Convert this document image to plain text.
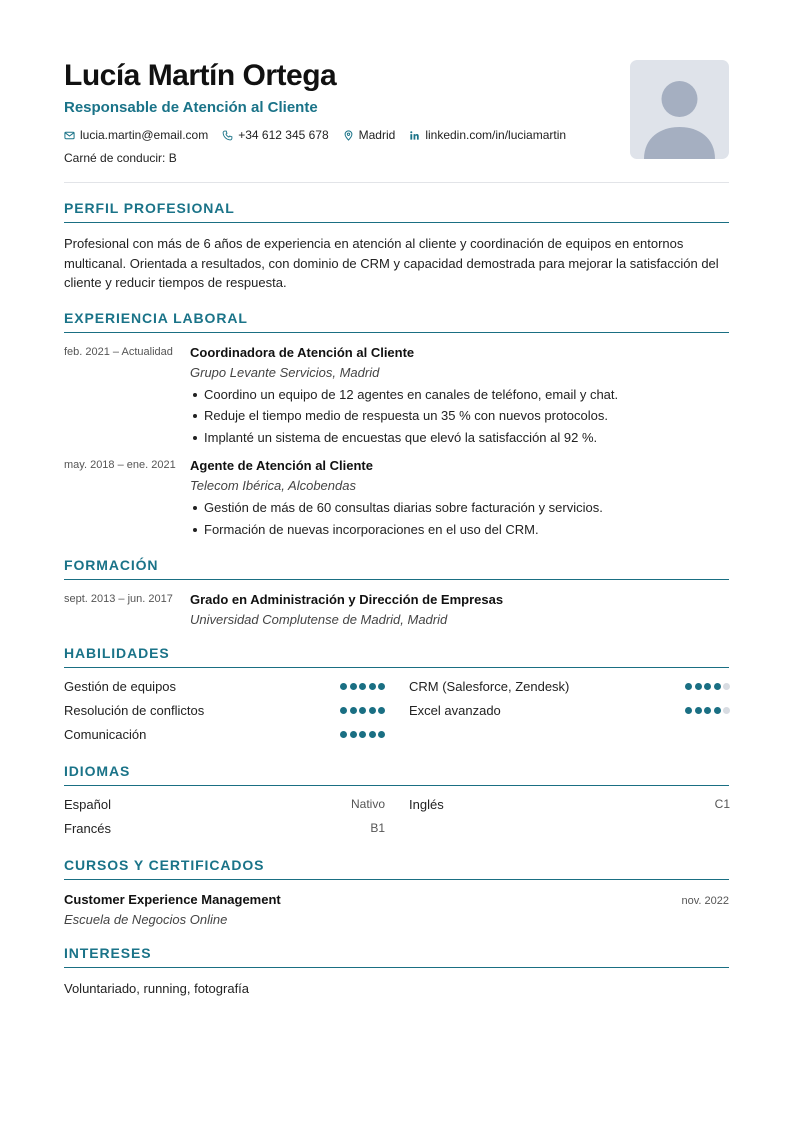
Lucía Martín Ortega
Responsable de Atención al Cliente
lucia.martin@email.com	+34 612 345 678	Madrid	linkedin.com/in/luciamartin
Carné de conducir: B
PERFIL PROFESIONAL

Profesional con más de 6 años de experiencia en atención al cliente y coordinación de equipos en entornos multicanal. Orientada a resultados, con dominio de CRM y capacidad demostrada para mejorar la satisfacción del cliente y reducir tiempos de respuesta.

EXPERIENCIA LABORAL
feb. 2021 – Actualidad	Coordinadora de Atención al Cliente
Grupo Levante Servicios, Madrid
Coordino un equipo de 12 agentes en canales de teléfono, email y chat.
Reduje el tiempo medio de respuesta un 35 % con nuevos protocolos.
Implanté un sistema de encuestas que elevó la satisfacción al 92 %.
may. 2018 – ene. 2021	Agente de Atención al Cliente
Telecom Ibérica, Alcobendas
Gestión de más de 60 consultas diarias sobre facturación y servicios.
Formación de nuevas incorporaciones en el uso del CRM.
FORMACIÓN
sept. 2013 – jun. 2017	Grado en Administración y Dirección de Empresas
Universidad Complutense de Madrid, Madrid
HABILIDADES
Gestión de equipos	CRM (Salesforce, Zendesk)
Resolución de conflictos	Excel avanzado
Comunicación
IDIOMAS
Español	Nativo Inglés	C1
Francés	B1
CURSOS Y CERTIFICADOS
Customer Experience Management	nov. 2022
Escuela de Negocios Online
INTERESES

Voluntariado, running, fotografía
